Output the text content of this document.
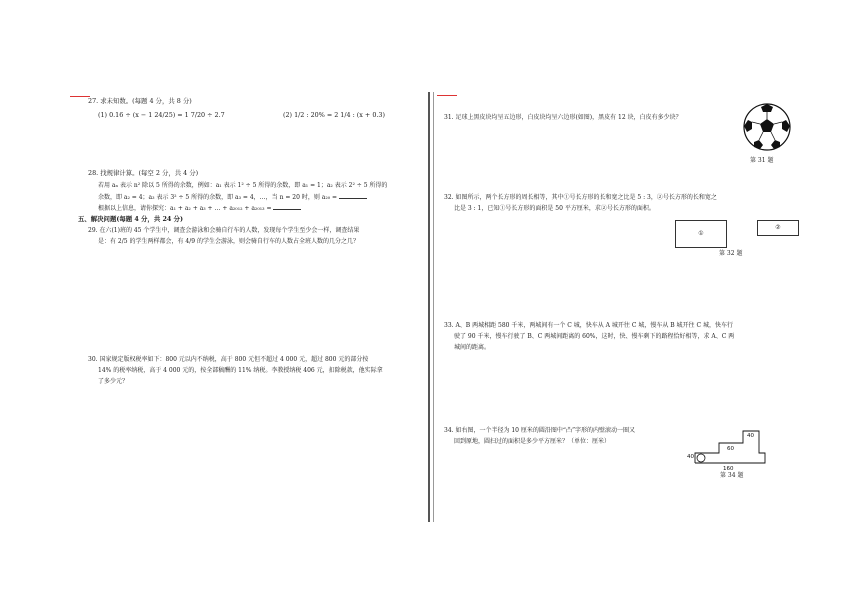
27. 求未知数。(每题 4 分，共 8 分)
(1) 0.16 ÷ (x − 1 24/25) = 1 7/20 ÷ 2.7	(2) 1/2 : 20% = 2 1/4 : (x + 0.3)
28. 找规律计算。(每空 2 分，共 4 分)
若用 aₙ 表示 n² 除以 5 所得的余数，例如：a₁ 表示 1² ÷ 5 所得的余数，即 a₁ = 1；a₂ 表示 2² ÷ 5 所得的
余数，即 a₂ = 4；a₃ 表示 3² ÷ 5 所得的余数，即 a₃ = 4，…，当 n = 20 时，则 a₂₀ =
根据以上信息，请你探究：a₁ + a₂ + a₃ + … + a₂₀₁₂ + a₂₀₁₃ =
五、解决问题(每题 4 分，共 24 分)
29. 在六(1)班的 45 个学生中，调查会游泳和会骑自行车的人数，发现每个学生至少会一样，调查结果
是：有 2/5 的学生两样都会，有 4/9 的学生会游泳，则会骑自行车的人数占全班人数的几分之几？
30. 国家规定版权税率如下：800 元以内不纳税，高于 800 元但不超过 4 000 元，超过 800 元的部分按
14% 的税率纳税，高于 4 000 元的，按全部稿酬的 11% 纳税。李教授纳税 406 元，扣除税款，他实际拿
了多少元？
31. 足球上黑皮块均呈五边形，白皮块均呈六边形(如图)，黑皮有 12 块，白皮有多少块？
第 31 题
32. 如图所示，两个长方形的周长相等，其中①号长方形的长和宽之比是 5 : 3，②号长方形的长和宽之
比是 3 : 1，已知①号长方形的面积是 50 平方厘米，求②号长方形的面积。
①
②
第 32 题
33. A、B 两城相距 580 千米，两城间有一个 C 城，快车从 A 城开往 C 城，慢车从 B 城开往 C 城，快车行
驶了 90 千米，慢车行驶了 B、C 两城间距离的 60%，这时，快、慢车剩下的路程恰好相等，求 A、C 两
城间的距离。
34. 如右图，一个半径为 10 厘米的圆沿图中“凸”字形的内壁滚动一圈又
回到原地，圆扫过的面积是多少平方厘米？（单位：厘米）
40
60
40
160
第 34 题
